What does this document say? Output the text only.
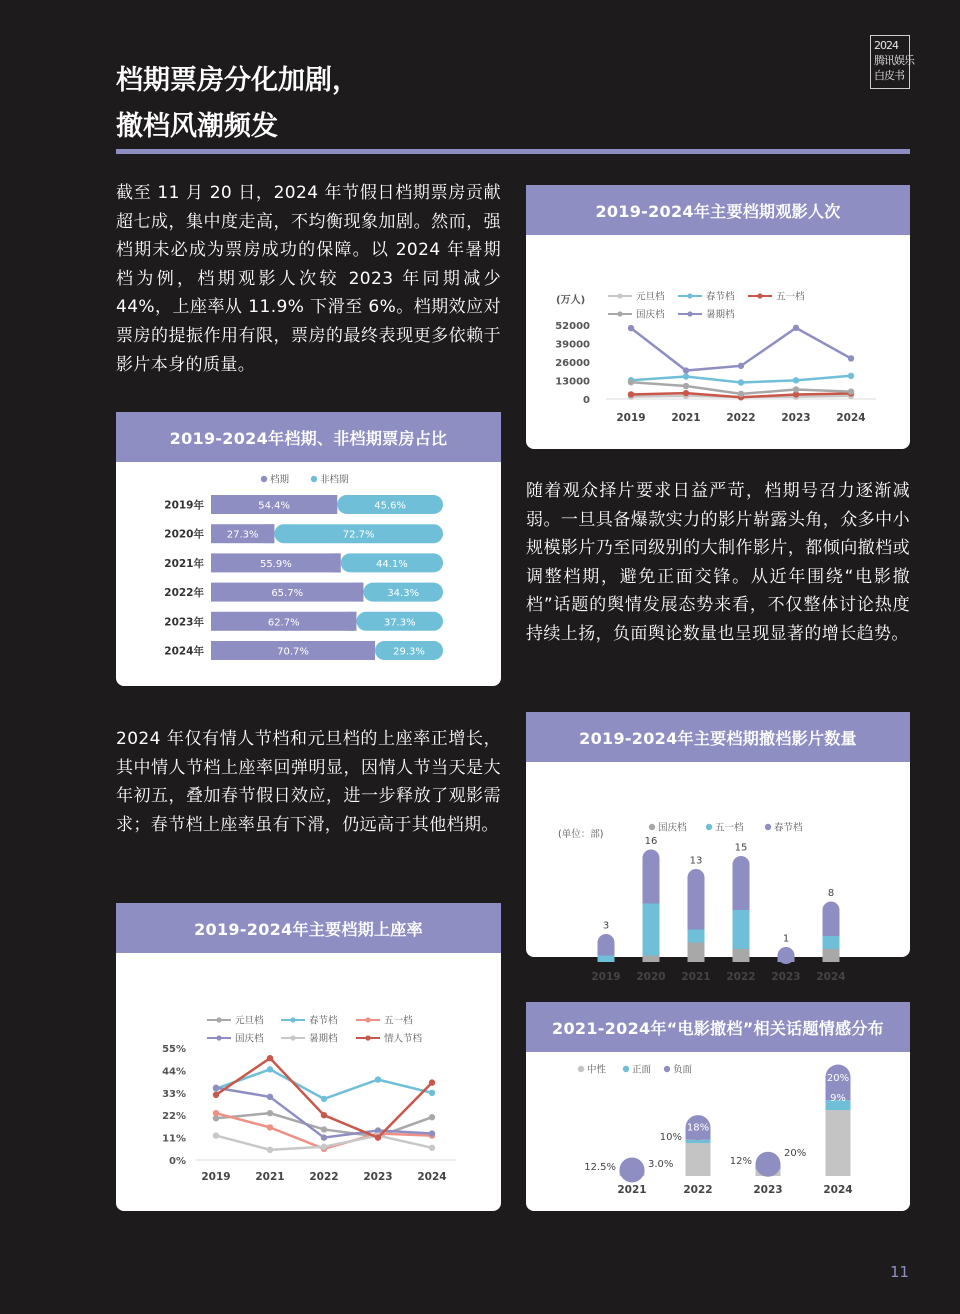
2024
腾讯娱乐
白皮书
档期票房分化加剧，
撤档风潮频发
截至 11 月 20 日，2024 年节假日档期票房贡献超七成，集中度走高，不均衡现象加剧。然而，强档期未必成为票房成功的保障。以 2024 年暑期档为例，档期观影人次较 2023 年同期减少 44%，上座率从 11.9% 下滑至 6%。档期效应对票房的提振作用有限，票房的最终表现更多依赖于影片本身的质量。
随着观众择片要求日益严苛，档期号召力逐渐减弱。一旦具备爆款实力的影片崭露头角，众多中小规模影片乃至同级别的大制作影片，都倾向撤档或调整档期，避免正面交锋。从近年围绕“电影撤档”话题的舆情发展态势来看，不仅整体讨论热度持续上扬，负面舆论数量也呈现显著的增长趋势。
2024 年仅有情人节档和元旦档的上座率正增长，其中情人节档上座率回弹明显，因情人节当天是大年初五，叠加春节假日效应，进一步释放了观影需求；春节档上座率虽有下滑，仍远高于其他档期。
2019-2024年主要档期观影人次
(万人)	元旦档	春节档	五一档
国庆档	暑期档
0
13000
26000
39000
52000
2019 2021 2022 2023 2024
2019-2024年档期、非档期票房占比
档期	非档期
2019年	54.4%	45.6%
2020年 27.3%	72.7%
2021年	55.9%	44.1%
2022年	65.7%	34.3%
2023年	62.7%	37.3%
2024年	70.7%	29.3%
2019-2024年主要档期撤档影片数量
(单位：部)
国庆档	五一档	春节档
3
2019
16
2020
13
2021
15
2022
1
2023
8
2024
2019-2024年主要档期上座率
元旦档	春节档	五一档
国庆档	暑期档	情人节档
0%
11%
22%
33%
44%
55%
2019 2021 2022 2023 2024
2021-2024年“电影撤档”相关话题情感分布
中性	正面 负面
2021	2022	2023	2024
12.5%	3.0%
10%
18%
12%
20%
20%
9%
11
